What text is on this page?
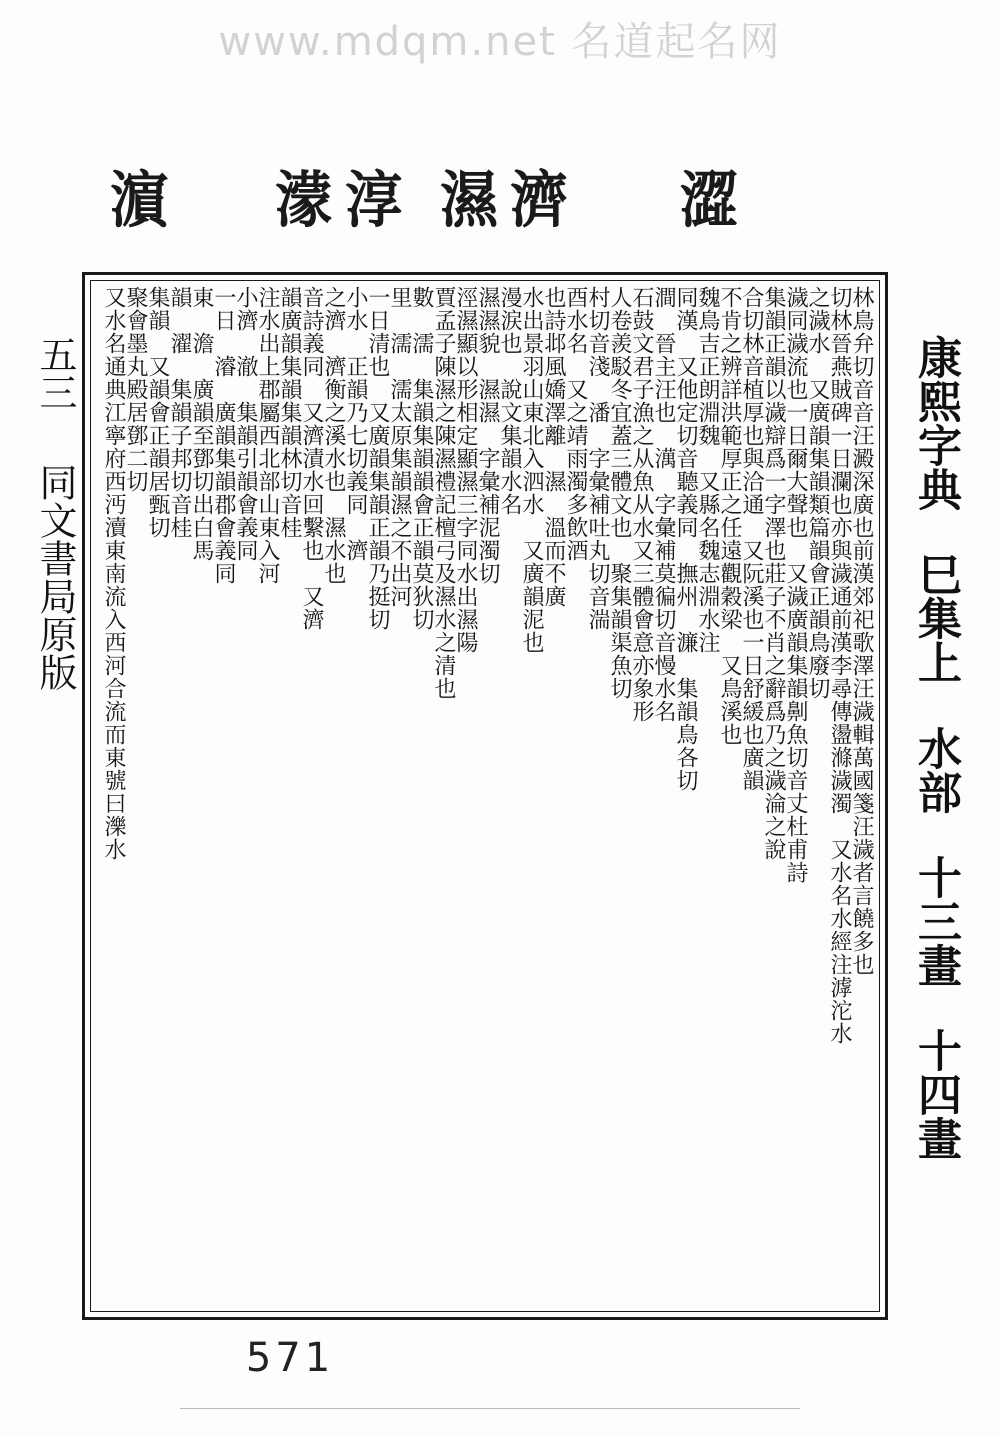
www.mdqm.net 名道起名网
澀
濟
濕
淳
濛
濵
林鳥弁切音音汪澱深廣也前漢郊祀歌澤汪濊輯萬國箋汪濊者言饒多也
切林晉燕賊碑一日瀾也亦與濊通前漢李尋傳盪滌濊濁　又水名水經注滹沱水
之濊水　又廣韻集韻類篇韻會正韻鳥廢切
濊同濊流也一日爾大聲也　又濊廣韻集韻劓魚切音丈杜甫詩
集韻正韻以濊辯爲一字澤也莊子不肖之辭爲乃之濊淪之說
合切林音植厚也與洽通　又阮溪也一日舒緩也廣韻
不肯之辨詳洪範厚正之任遠觀穀梁　又鳥溪也
魏鳥吉正朗淵魏　又縣名魏志淵水注
同漢　又他定切音聽義同　撫州　濂　集韻鳥各切
澗　晉主汪也　澫　字彙補莫徧切音慢水名
石鼓文君子漁之从魚从水又三體會意亦象形
人卷羨駁冬宜蓋三體文也　聚集韻渠魚切
村切音淺　潘　字彙補吐丸切音湍
酉水名　又之靖雨濁多飲酒
也詩邶風嬌澤離　濕　溫而不廣
水出景羽山東北入泗水　又廣韻泥也
漫涙也　說文集韻水名
濕濕貌　濕濕　字彙補泥濁切
涇濕顯以形相定顯濕三字同水出濕陽
賈孟子陳濕之陳濕禮記檀弓及濕水之清也
數　濡　集韻集韻韻會正韻莫狄切
里　濡　濡太原集韻濕之不出河
一日清也　又廣韻集韻正韻乃挺切
小水　正韻乃七切義同　濟
之濟　濟衡之溪水也　濕水也
音詩義同　又濟漬水回繫也　又濟
韻廣韻集韻集韻林切音桂
注水出上郡屬西北部山東入河
小濟　澈　集韻引韻會義同
一日　濬　廣韻集韻郡會義同
東　澹　廣韻至鄧切出白馬
韻　濯　集韻子邦切音桂
集韻　又韻會正韻居甄切
聚會墨丸殿居鄧二切
又水名通典江寧府西沔瀆東南流入西河合流而東號曰濼水	康熙字典 巳集上 水部 十三畫 十四畫
五三 同文書局原版
571
